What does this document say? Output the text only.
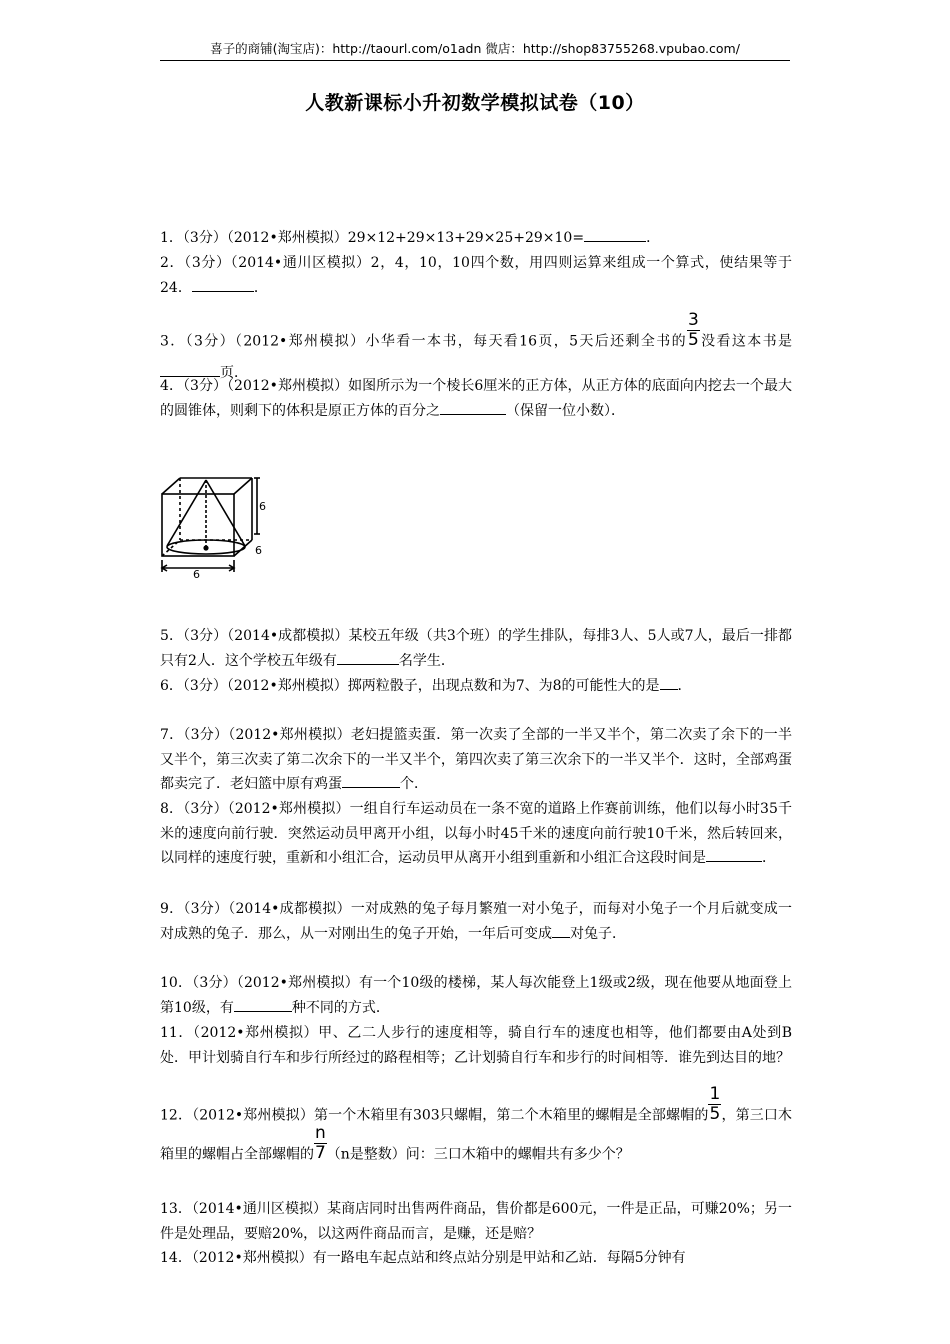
喜子的商铺(淘宝店)：http://taourl.com/o1adn 微店：http://shop83755268.vpubao.com/
人教新课标小升初数学模拟试卷（10）
1．（3分）（2012•郑州模拟）29×12+29×13+29×25+29×10=	．
2．（3分）（2014•通川区模拟）2，4，10，10四个数，用四则运算来组成一个算式，使结果等于24．	．
3．（3分）（2012•郑州模拟）小华看一本书，每天看16页，5天后还剩全书的 $\frac{3}{5}$ 没看这本书是页．
4．（3分）（2012•郑州模拟）如图所示为一个棱长6厘米的正方体，从正方体的底面向内挖去一个最大的圆锥体，则剩下的体积是原正方体的百分之	（保留一位小数）．
6
6
6
5．（3分）（2014•成都模拟）某校五年级（共3个班）的学生排队，每排3人、5人或7人，最后一排都只有2人．这个学校五年级有	名学生．
6．（3分）（2012•郑州模拟）掷两粒骰子，出现点数和为7、为8的可能性大的是 ．
7．（3分）（2012•郑州模拟）老妇提篮卖蛋．第一次卖了全部的一半又半个，第二次卖了余下的一半又半个，第三次卖了第二次余下的一半又半个，第四次卖了第三次余下的一半又半个．这时，全部鸡蛋都卖完了．老妇篮中原有鸡蛋	个．
8．（3分）（2012•郑州模拟）一组自行车运动员在一条不宽的道路上作赛前训练，他们以每小时35千米的速度向前行驶．突然运动员甲离开小组，以每小时45千米的速度向前行驶10千米，然后转回来，以同样的速度行驶，重新和小组汇合，运动员甲从离开小组到重新和小组汇合这段时间是	．
9．（3分）（2014•成都模拟）一对成熟的兔子每月繁殖一对小兔子，而每对小兔子一个月后就变成一对成熟的兔子．那么，从一对刚出生的兔子开始，一年后可变成 对兔子．
10．（3分）（2012•郑州模拟）有一个10级的楼梯，某人每次能登上1级或2级，现在他要从地面登上第10级，有	种不同的方式．
11．（2012•郑州模拟）甲、乙二人步行的速度相等，骑自行车的速度也相等，他们都要由A处到B处．甲计划骑自行车和步行所经过的路程相等；乙计划骑自行车和步行的时间相等．谁先到达目的地？
12．（2012•郑州模拟）第一个木箱里有303只螺帽，第二个木箱里的螺帽是全部螺帽的 $\frac{1}{5}$ ，第三口木箱里的螺帽占全部螺帽的 $\frac{n}{7} (n$是整数）问：三口木箱中的螺帽共有多少个？
13．（2014•通川区模拟）某商店同时出售两件商品，售价都是600元，一件是正品，可赚20%；另一件是处理品，要赔20%，以这两件商品而言，是赚，还是赔？
14．（2012•郑州模拟）有一路电车起点站和终点站分别是甲站和乙站．每隔5分钟有
